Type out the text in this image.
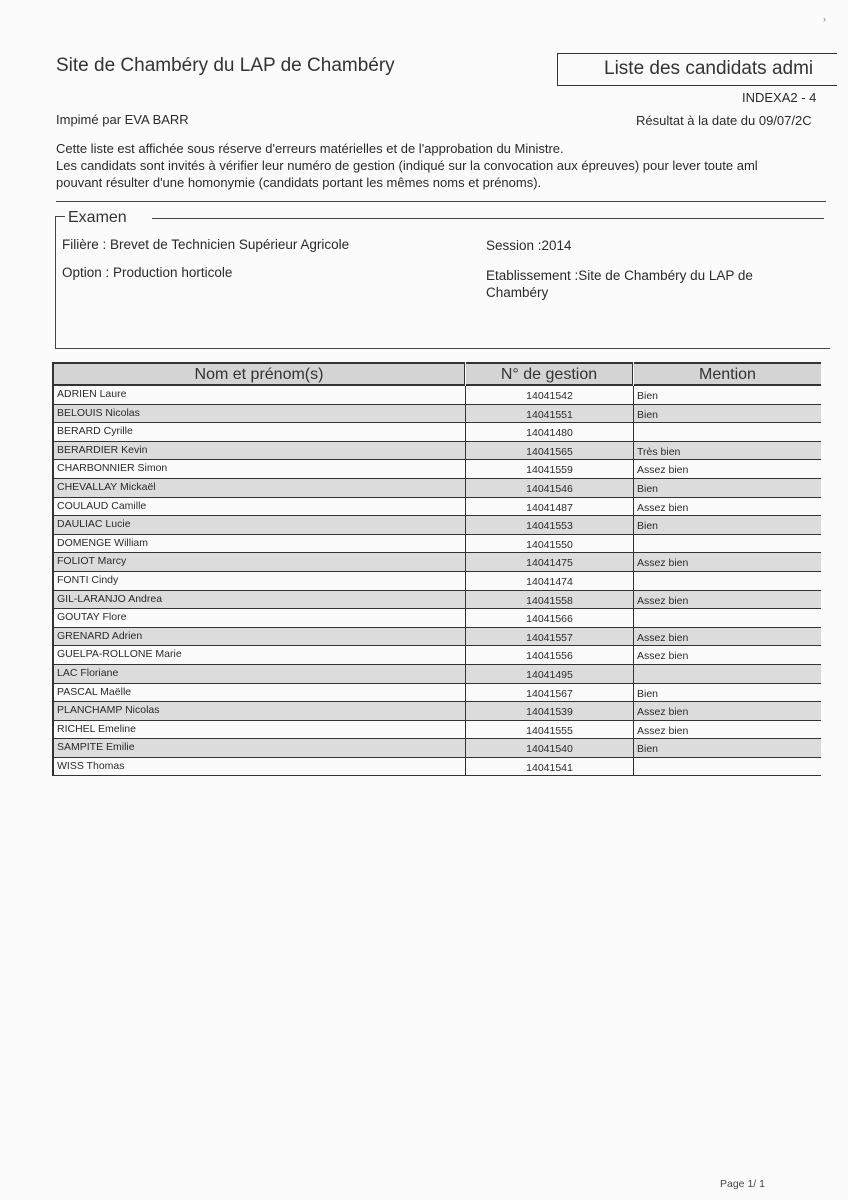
›
Site de Chambéry du LAP de Chambéry	Liste des candidats admi
INDEXA2 - 4
Impimé par EVA BARR	Résultat à la date du 09/07/2C
Cette liste est affichée sous réserve d'erreurs matérielles et de l'approbation du Ministre.
Les candidats sont invités à vérifier leur numéro de gestion (indiqué sur la convocation aux épreuves) pour lever toute aml
pouvant résulter d'une homonymie (candidats portant les mêmes noms et prénoms).
Examen
Filière : Brevet de Technicien Supérieur Agricole	Session :2014
Option : Production horticole	Etablissement :Site de Chambéry du LAP de Chambéry
Nom et prénom(s)	N° de gestion	Mention
ADRIEN Laure	14041542	Bien
BELOUIS Nicolas	14041551	Bien
BERARD Cyrille	14041480
BERARDIER Kevin	14041565	Très bien
CHARBONNIER Simon	14041559	Assez bien
CHEVALLAY Mickaël	14041546	Bien
COULAUD Camille	14041487	Assez bien
DAULIAC Lucie	14041553	Bien
DOMENGE William	14041550
FOLIOT Marcy	14041475	Assez bien
FONTI Cindy	14041474
GIL-LARANJO Andrea	14041558	Assez bien
GOUTAY Flore	14041566
GRENARD Adrien	14041557	Assez bien
GUELPA-ROLLONE Marie	14041556	Assez bien
LAC Floriane	14041495
PASCAL Maëlle	14041567	Bien
PLANCHAMP Nicolas	14041539	Assez bien
RICHEL Emeline	14041555	Assez bien
SAMPITE Emilie	14041540	Bien
WISS Thomas	14041541
Page 1/ 1
